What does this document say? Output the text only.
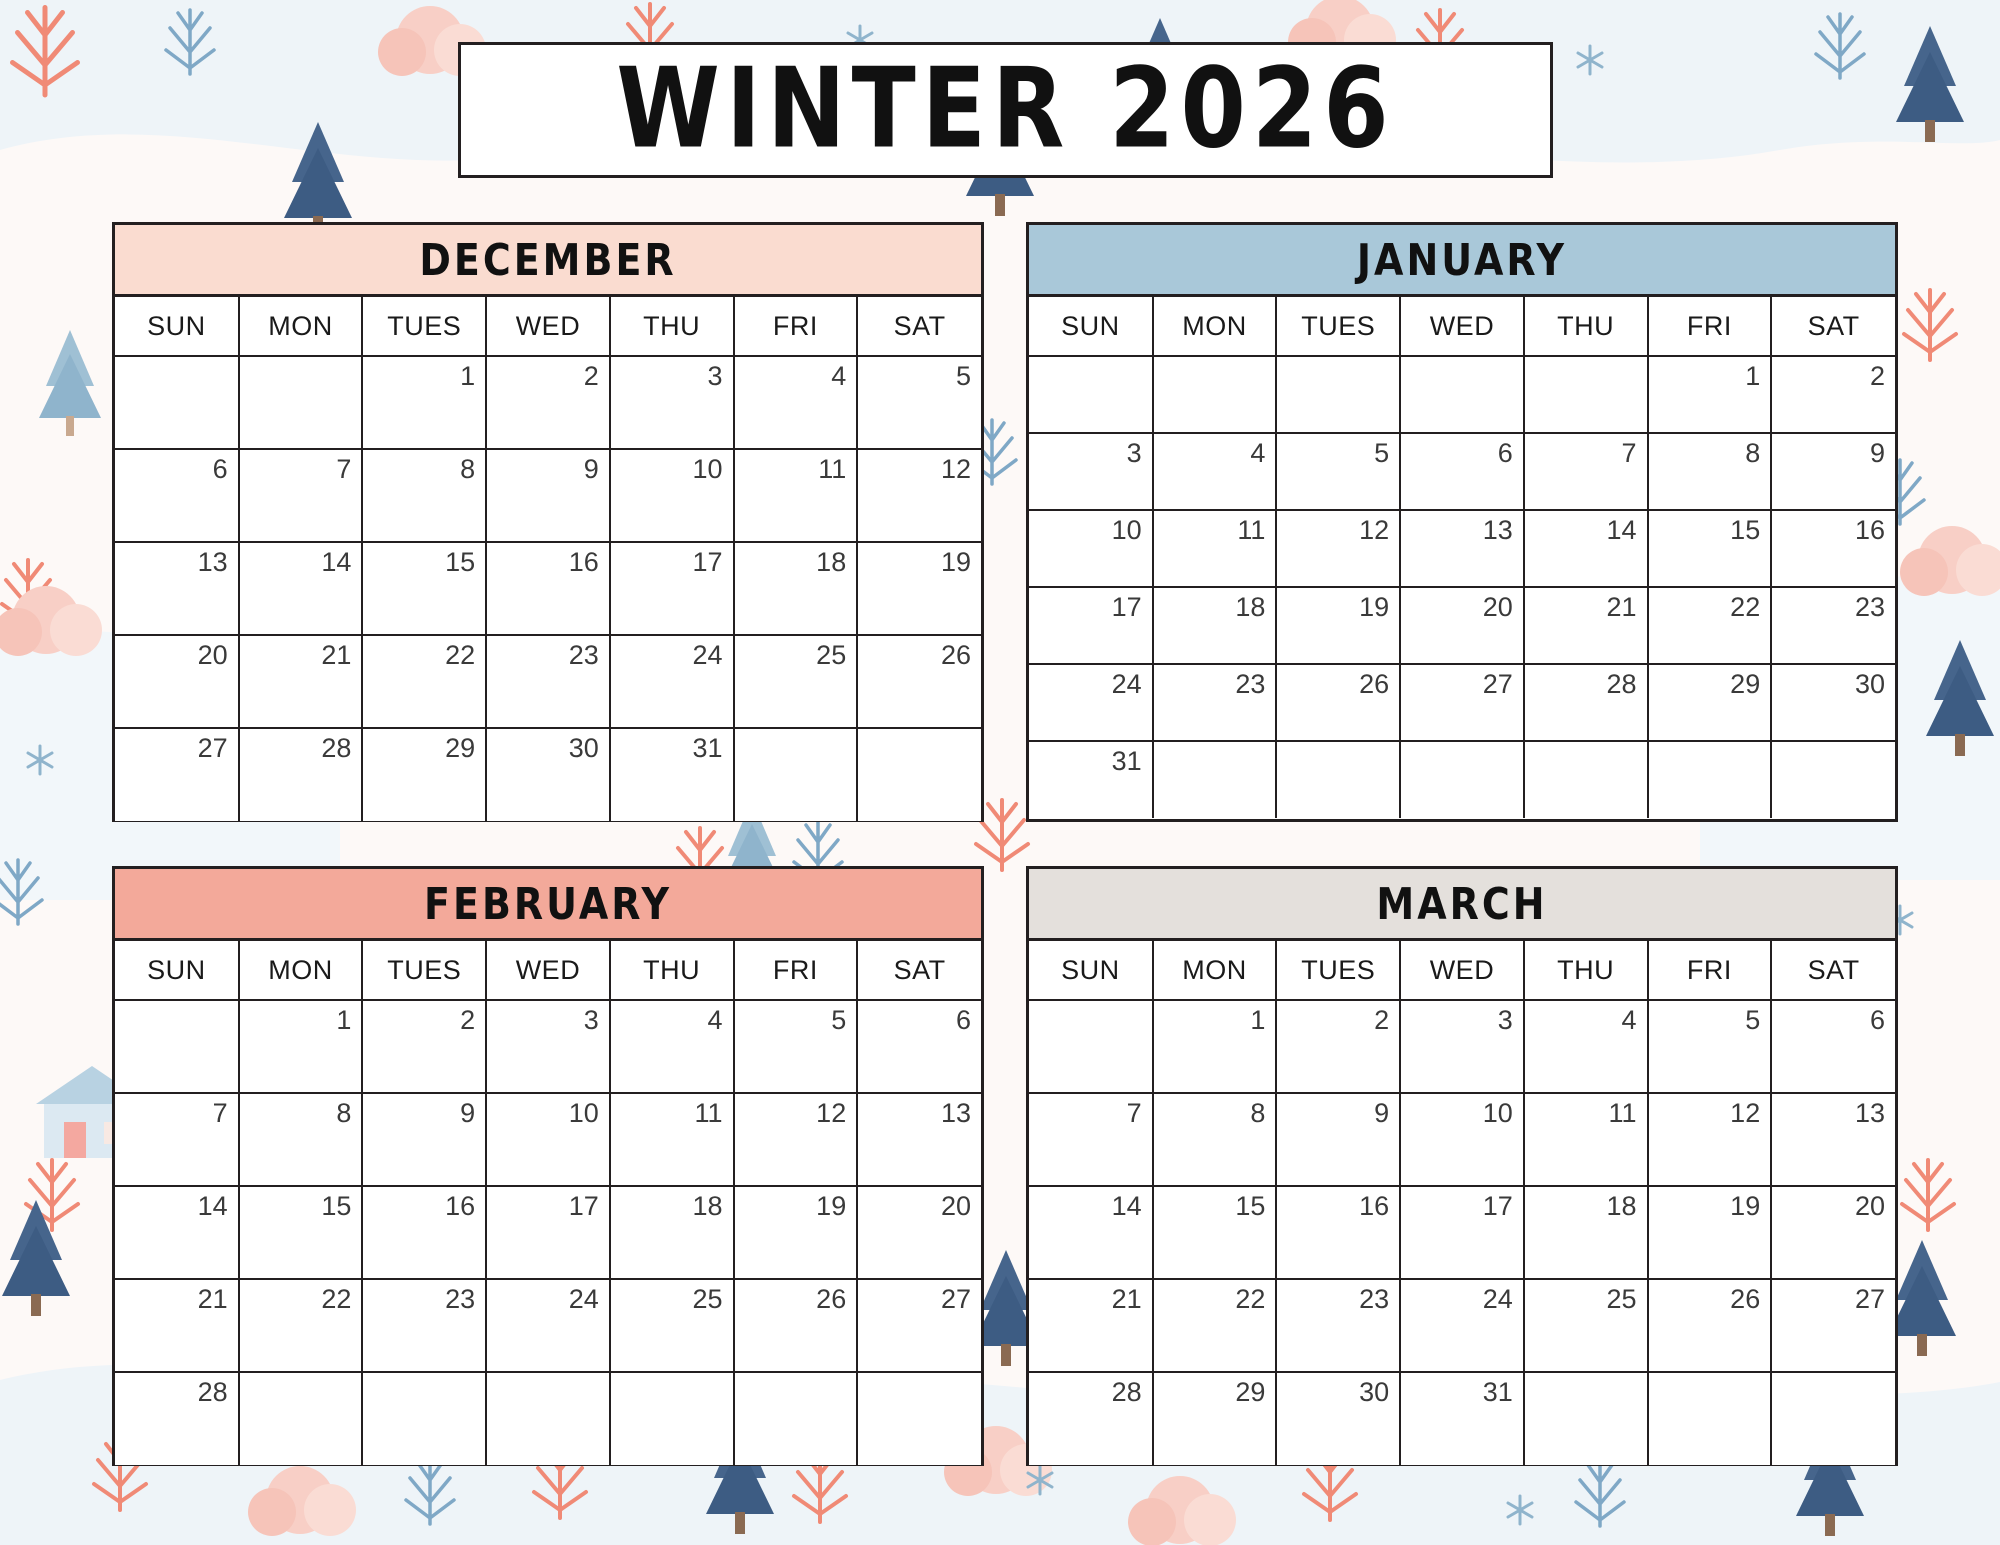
WINTER 2026
DECEMBER
SUN	MON	TUES	WED	THU	FRI	SAT
		1	2	3	4	5
6	7	8	9	10	11	12
13	14	15	16	17	18	19
20	21	22	23	24	25	26
27	28	29	30	31		
JANUARY
SUN	MON	TUES	WED	THU	FRI	SAT
					1	2
3	4	5	6	7	8	9
10	11	12	13	14	15	16
17	18	19	20	21	22	23
24	23	26	27	28	29	30
31						
FEBRUARY
SUN	MON	TUES	WED	THU	FRI	SAT
	1	2	3	4	5	6
7	8	9	10	11	12	13
14	15	16	17	18	19	20
21	22	23	24	25	26	27
28						
MARCH
SUN	MON	TUES	WED	THU	FRI	SAT
	1	2	3	4	5	6
7	8	9	10	11	12	13
14	15	16	17	18	19	20
21	22	23	24	25	26	27
28	29	30	31			
